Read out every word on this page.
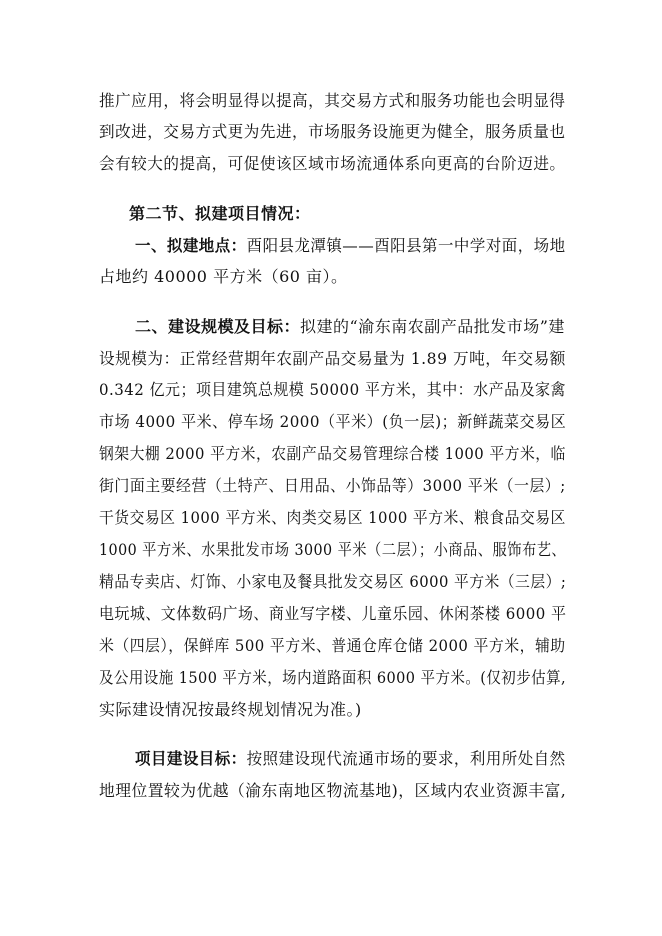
推广应用，将会明显得以提高，其交易方式和服务功能也会明显得
到改进，交易方式更为先进，市场服务设施更为健全，服务质量也
会有较大的提高，可促使该区域市场流通体系向更高的台阶迈进。
第二节、拟建项目情况：
一、拟建地点：酉阳县龙潭镇——酉阳县第一中学对面，场地
占地约 40000 平方米（60 亩）。
二、建设规模及目标：拟建的“渝东南农副产品批发市场”建
设规模为：正常经营期年农副产品交易量为 1.89 万吨，年交易额
0.342 亿元；项目建筑总规模 50000 平方米，其中：水产品及家禽
市场 4000 平米、停车场 2000（平米）(负一层)；新鲜蔬菜交易区
钢架大棚 2000 平方米，农副产品交易管理综合楼 1000 平方米，临
街门面主要经营（土特产、日用品、小饰品等）3000 平米（一层）;
干货交易区 1000 平方米、肉类交易区 1000 平方米、粮食品交易区
1000 平方米、水果批发市场 3000 平米（二层）；小商品、服饰布艺、
精品专卖店、灯饰、小家电及餐具批发交易区 6000 平方米（三层）;
电玩城、文体数码广场、商业写字楼、儿童乐园、休闲茶楼 6000 平
米（四层），保鲜库 500 平方米、普通仓库仓储 2000 平方米，辅助
及公用设施 1500 平方米，场内道路面积 6000 平方米。(仅初步估算,
实际建设情况按最终规划情况为准。)
项目建设目标：按照建设现代流通市场的要求，利用所处自然
地理位置较为优越（渝东南地区物流基地)，区域内农业资源丰富,
